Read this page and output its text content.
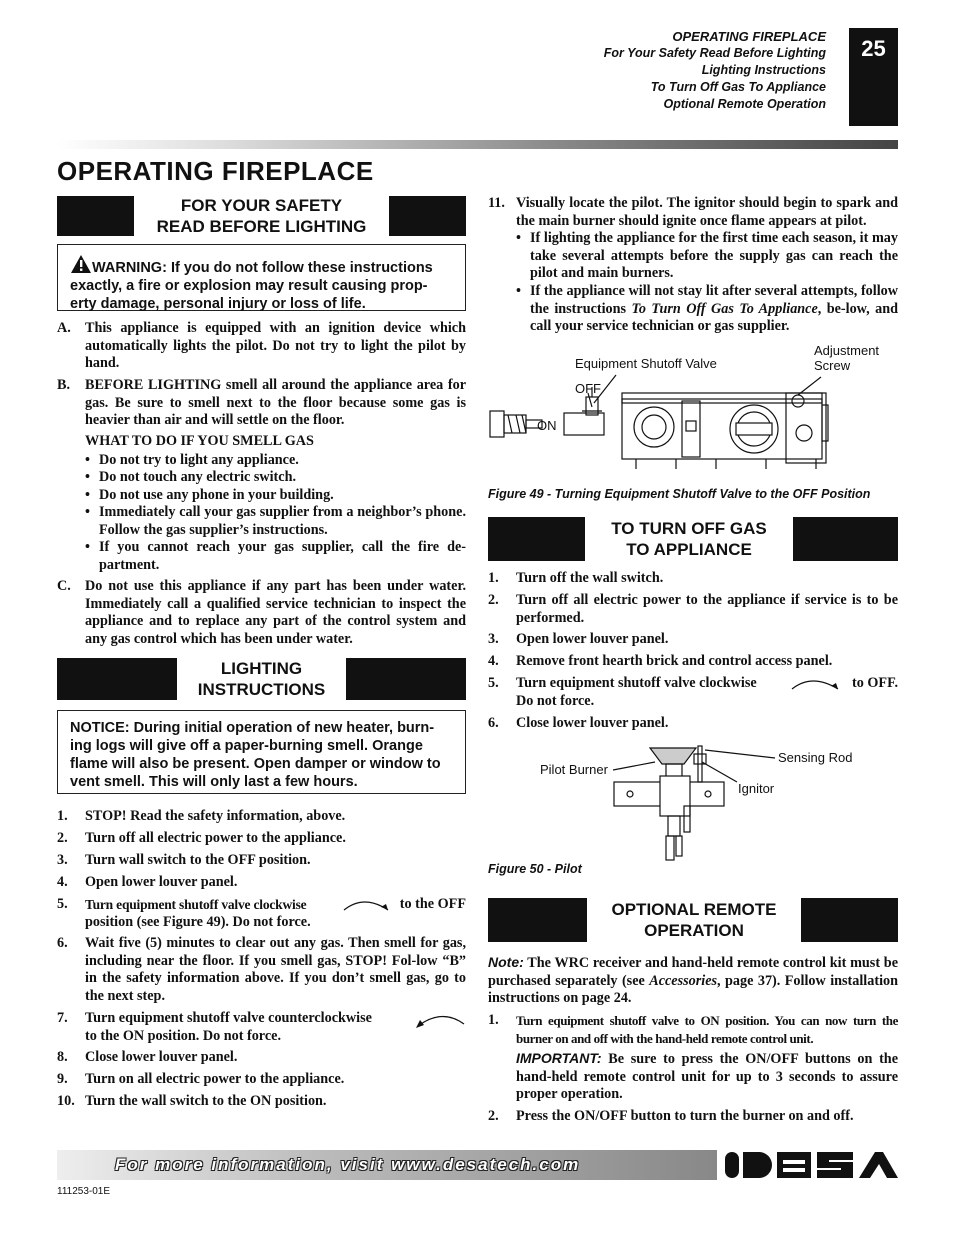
OPERATING FIREPLACE
For Your Safety Read Before Lighting
Lighting Instructions
To Turn Off Gas To Appliance
Optional Remote Operation
25
OPERATING FIREPLACE
FOR YOUR SAFETY
READ BEFORE LIGHTING
WARNING: If you do not follow these instructions
exactly, a fire or explosion may result causing prop-
erty damage, personal injury or loss of life.
A. This appliance is equipped with an ignition device which automatically lights the pilot. Do not try to light the pilot by hand.
B. BEFORE LIGHTING smell all around the appliance area for gas. Be sure to smell next to the floor because some gas is heavier than air and will settle on the floor.
WHAT TO DO IF YOU SMELL GAS
• Do not try to light any appliance.
• Do not touch any electric switch.
• Do not use any phone in your building.
• Immediately call your gas supplier from a neighbor’s phone. Follow the gas supplier’s instructions.
• If you cannot reach your gas supplier, call the fire de-partment.
C. Do not use this appliance if any part has been under water. Immediately call a qualified service technician to inspect the appliance and to replace any part of the control system and any gas control which has been under water.
LIGHTING
INSTRUCTIONS
NOTICE: During initial operation of new heater, burn-
ing logs will give off a paper-burning smell. Orange
flame will also be present. Open damper or window to
vent smell. This will only last a few hours.
1. STOP! Read the safety information, above.
2. Turn off all electric power to the appliance.
3. Turn wall switch to the OFF position.
4. Open lower louver panel.
5. Turn equipment shutoff valve clockwise	to the OFF
position (see Figure 49). Do not force.
6. Wait five (5) minutes to clear out any gas. Then smell for gas, including near the floor. If you smell gas, STOP! Fol-low “B” in the safety information above. If you don’t smell gas, go to the next step.
7. Turn equipment shutoff valve counterclockwise
to the ON position. Do not force.
8. Close lower louver panel.
9. Turn on all electric power to the appliance.
10. Turn the wall switch to the ON position.
11. Visually locate the pilot. The ignitor should begin to spark and the main burner should ignite once flame appears at pilot.
• If lighting the appliance for the first time each season, it may take several attempts before the supply gas can reach the pilot and main burners.
• If the appliance will not stay lit after several attempts, follow the instructions To Turn Off Gas To Appliance, be-low, and call your service technician or gas supplier.
Equipment Shutoff Valve
Adjustment
Screw
OFF
ON
Figure 49 - Turning Equipment Shutoff Valve to the OFF Position
TO TURN OFF GAS
TO APPLIANCE
1. Turn off the wall switch.
2. Turn off all electric power to the appliance if service is to be performed.
3. Open lower louver panel.
4. Remove front hearth brick and control access panel.
5. Turn equipment shutoff valve clockwise	to OFF.
Do not force.
6. Close lower louver panel.
Pilot Burner
Sensing Rod
Ignitor
Figure 50 - Pilot
OPTIONAL REMOTE
OPERATION
Note: The WRC receiver and hand-held remote control kit must be purchased separately (see Accessories, page 37). Follow installation instructions on page 24.
1. Turn equipment shutoff valve to ON position. You can now turn the burner on and off with the hand-held remote control unit.
IMPORTANT: Be sure to press the ON/OFF buttons on the hand-held remote control unit for up to 3 seconds to assure proper operation.
2. Press the ON/OFF button to turn the burner on and off.
For more information, visit www.desatech.com
111253-01E
